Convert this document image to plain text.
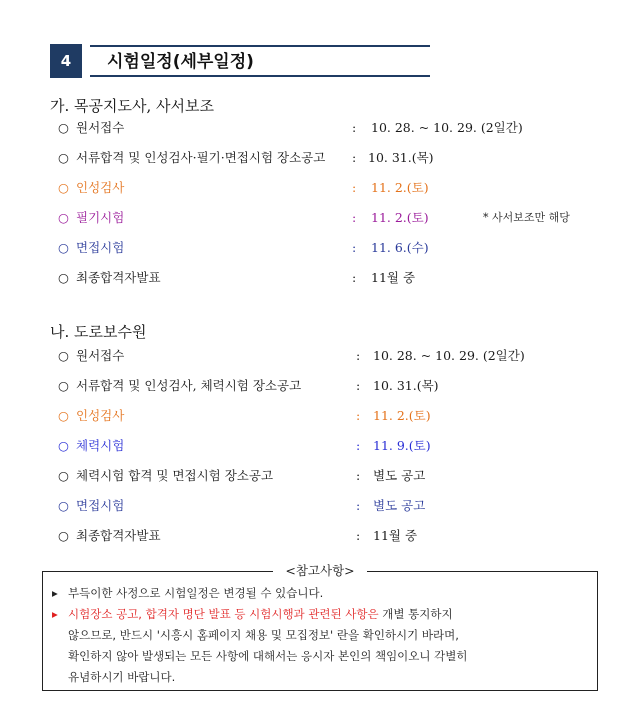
4	시험일정(세부일정)
가. 목공지도사, 사서보조
○ 원서접수	: 10. 28. ~ 10. 29. (2일간)
○ 서류합격 및 인성검사·필기·면접시험 장소공고 : 10. 31.(목)
○ 인성검사	: 11. 2.(토)
○ 필기시험	: 11. 2.(토)	* 사서보조만 해당
○ 면접시험	: 11. 6.(수)
○ 최종합격자발표	: 11월 중
나. 도로보수원
○ 원서접수	: 10. 28. ~ 10. 29. (2일간)
○ 서류합격 및 인성검사, 체력시험 장소공고	: 10. 31.(목)
○ 인성검사	: 11. 2.(토)
○ 체력시험	: 11. 9.(토)
○ 체력시험 합격 및 면접시험 장소공고	: 별도 공고
○ 면접시험	: 별도 공고
○ 최종합격자발표	: 11월 중
<참고사항>
▸ 부득이한 사정으로 시험일정은 변경될 수 있습니다.
▸ 시험장소 공고, 합격자 명단 발표 등 시험시행과 관련된 사항은 개별 통지하지
않으므로, 반드시 '시흥시 홈페이지 채용 및 모집정보' 란을 확인하시기 바라며,
확인하지 않아 발생되는 모든 사항에 대해서는 응시자 본인의 책임이오니 각별히
유념하시기 바랍니다.
